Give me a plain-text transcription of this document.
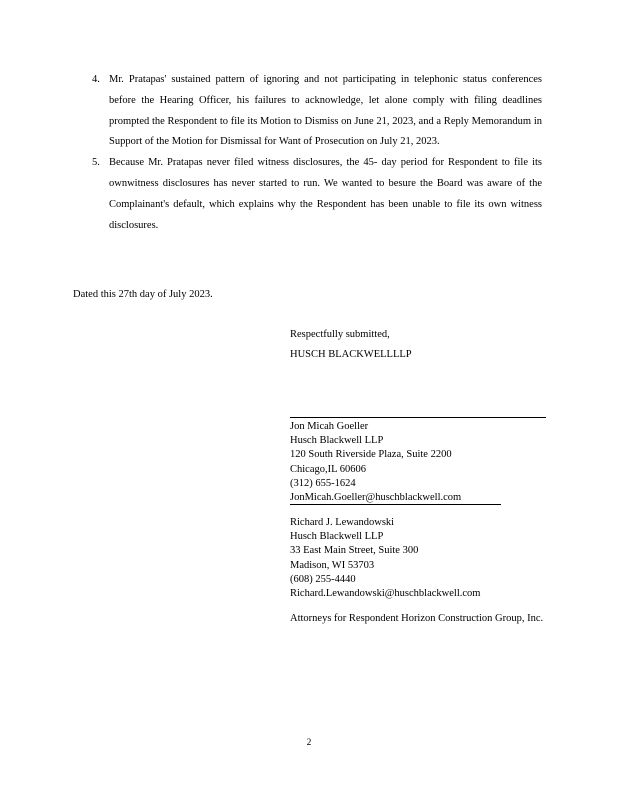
4. Mr. Pratapas' sustained pattern of ignoring and not participating in telephonic status conferences before the Hearing Officer, his failures to acknowledge, let alone comply with filing deadlines prompted the Respondent to file its Motion to Dismiss on June 21, 2023, and a Reply Memorandum in Support of the Motion for Dismissal for Want of Prosecution on July 21, 2023.

5. Because Mr. Pratapas never filed witness disclosures, the 45- day period for Respondent to file its ownwitness disclosures has never started to run. We wanted to besure the Board was aware of the Complainant's default, which explains why the Respondent has been unable to file its own witness disclosures.

Dated this 27th day of July 2023.

Respectfully submitted,

HUSCH BLACKWELLLLP

Jon Micah Goeller
Husch Blackwell LLP
120 South Riverside Plaza, Suite 2200
Chicago,IL 60606
(312) 655-1624
JonMicah.Goeller@huschblackwell.com
Richard J. Lewandowski
Husch Blackwell LLP
33 East Main Street, Suite 300
Madison, WI 53703
(608) 255-4440
Richard.Lewandowski@huschblackwell.com
Attorneys for Respondent Horizon Construction Group, Inc.
2
